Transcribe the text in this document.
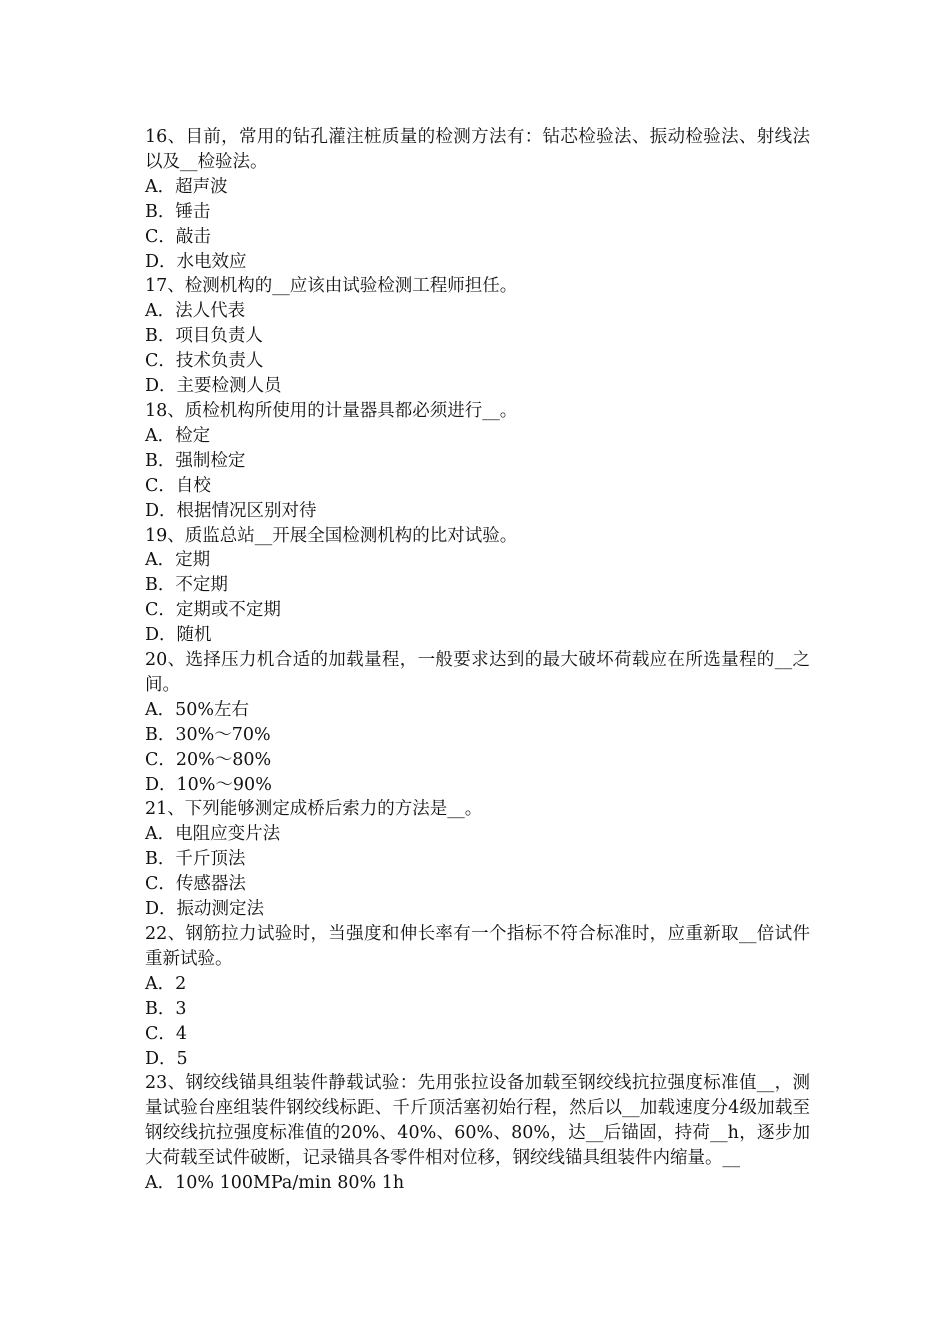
16、目前，常用的钻孔灌注桩质量的检测方法有：钻芯检验法、振动检验法、射线法以及__检验法。

A．超声波

B．锤击

C．敲击

D．水电效应

17、检测机构的__应该由试验检测工程师担任。

A．法人代表

B．项目负责人

C．技术负责人

D．主要检测人员

18、质检机构所使用的计量器具都必须进行__。

A．检定

B．强制检定

C．自校

D．根据情况区别对待

19、质监总站__开展全国检测机构的比对试验。

A．定期

B．不定期

C．定期或不定期

D．随机

20、选择压力机合适的加载量程，一般要求达到的最大破坏荷载应在所选量程的__之间。

A．50%左右

B．30%～70%

C．20%～80%

D．10%～90%

21、下列能够测定成桥后索力的方法是__。

A．电阻应变片法

B．千斤顶法

C．传感器法

D．振动测定法

22、钢筋拉力试验时，当强度和伸长率有一个指标不符合标准时，应重新取__倍试件重新试验。

A．2

B．3

C．4

D．5

23、钢绞线锚具组装件静载试验：先用张拉设备加载至钢绞线抗拉强度标准值__，测量试验台座组装件钢绞线标距、千斤顶活塞初始行程，然后以__加载速度分4级加载至钢绞线抗拉强度标准值的20%、40%、60%、80%，达__后锚固，持荷__h，逐步加大荷载至试件破断，记录锚具各零件相对位移，钢绞线锚具组装件内缩量。__

A．10% 100MPa/min 80% 1h
